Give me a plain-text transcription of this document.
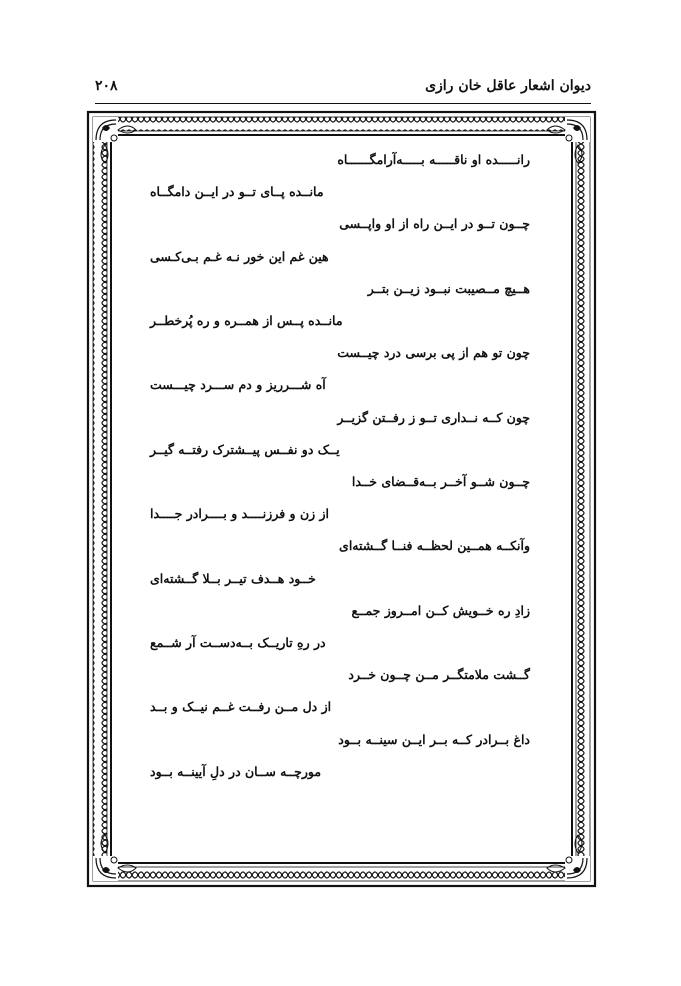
دیوان اشعار عاقل خان رازی
۲۰۸
رانـــــده او ناقـــــه بـــــه‌آرامگــــــاه
مانــده پــای تــو در ایــن دامگــاه
چــون تــو در ایــن راه از او واپــسی
هین غم این خور نـه غـم بـی‌کـسی
هــیچ مــصیبت نبــود زیــن بتــر
مانــده پــس از همــره و ره پُرخطــر
چون تو هم از پی برسی درد چیــست
آه شـــرریز و دم ســـرد چیـــست
چون کــه نــداری تــو ز رفــتن گزیــر
یــک دو نفــس پیــشترک رفتــه گیــر
چــون شــو آخــر بــه‌قــضای خــدا
از زن و فرزنــــد و بــــرادر جــــدا
وآنکــه همــین لحظــه فنــا گــشته‌ای
خــود هــدف تیــر بــلا گــشته‌ای
زادِ ره خــویش کــن امــروز جمــع
در رهِ تاریــک بــه‌دســت آر شــمع
گــشت ملامتگــر مــن چــون خــرد
از دل مــن رفــت غــم نیــک و بــد
داغ بــرادر کــه بــر ایــن سینــه بــود
مورچــه ســان در دلِ آیینــه بــود
